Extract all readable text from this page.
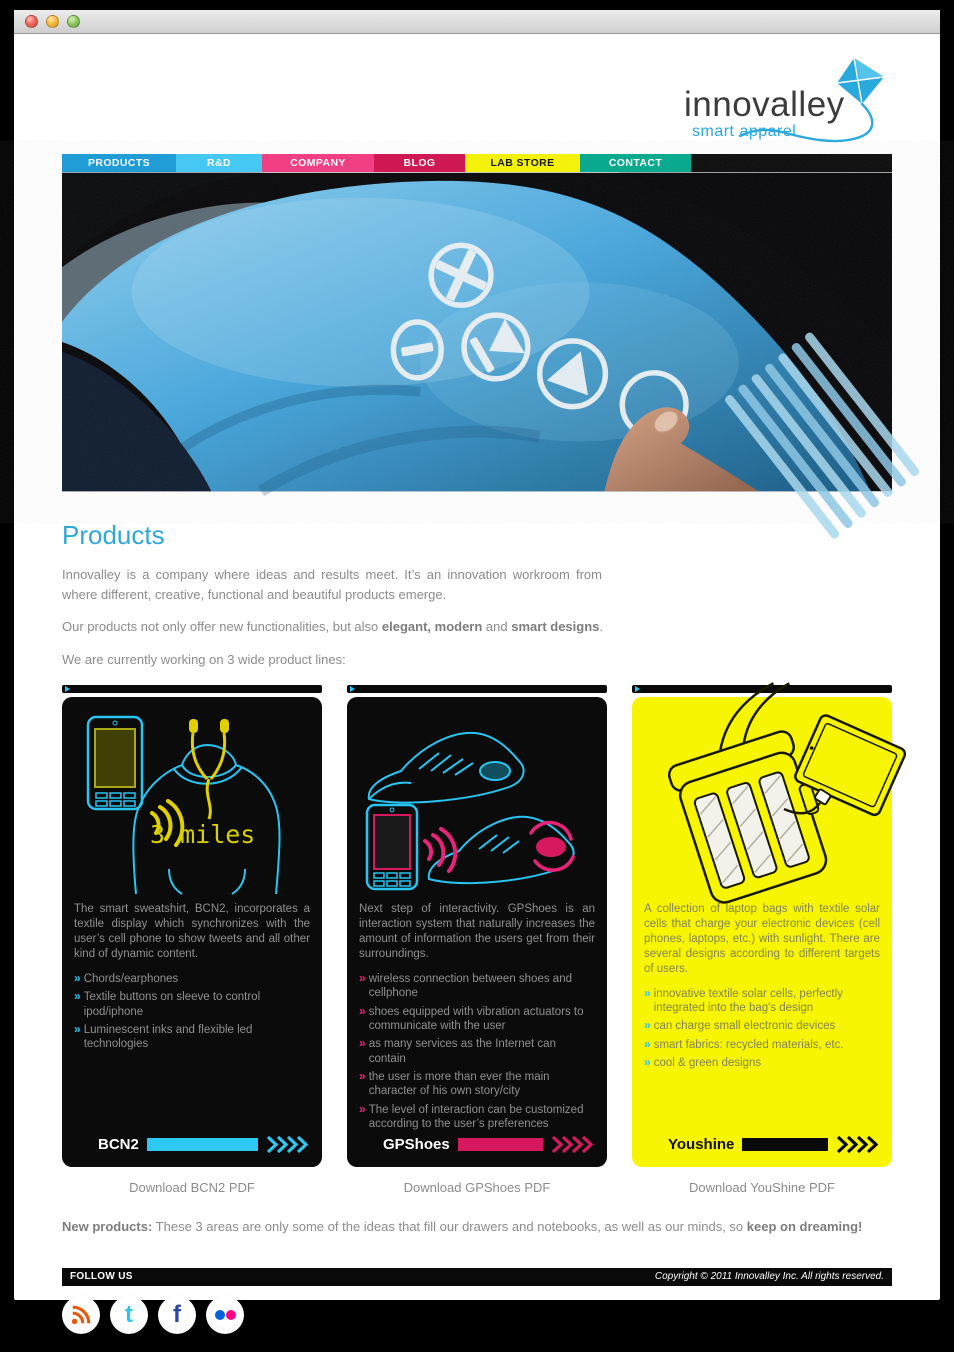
innovalley
smart apparel
PRODUCTS	R&D	COMPANY	BLOG	LAB STORE	CONTACT
Products

Innovalley is a company where ideas and results meet. It’s an innovation workroom from where different, creative, functional and beautiful products emerge.

Our products not only offer new functionalities, but also elegant, modern and smart designs.

We are currently working on 3 wide product lines:

3 miles

The smart sweatshirt, BCN2, incorporates a textile display which synchronizes with the user’s cell phone to show tweets and all other kind of dynamic content.

» Chords/earphones
» Textile buttons on sleeve to control ipod/iphone
» Luminescent inks and flexible led technologies
BCN2

Next step of interactivity. GPShoes is an interaction system that naturally increases the amount of information the users get from their surroundings.

» wireless connection between shoes and cellphone
» shoes equipped with vibration actuators to communicate with the user
» as many services as the Internet can contain
» the user is more than ever the main character of his own story/city
» The level of interaction can be customized according to the user’s preferences
GPShoes

A collection of laptop bags with textile solar cells that charge your electronic devices (cell phones, laptops, etc.) with sunlight. There are several designs according to different targets of users.

» innovative textile solar cells, perfectly integrated into the bag's design
» can charge small electronic devices
» smart fabrics: recycled materials, etc.
» cool & green designs
Youshine
Download BCN2 PDF	Download GPShoes PDF	Download YouShine PDF

New products: These 3 areas are only some of the ideas that fill our drawers and notebooks, as well as our minds, so keep on dreaming!

FOLLOW US	Copyright © 2011 Innovalley Inc. All rights reserved.
t f
